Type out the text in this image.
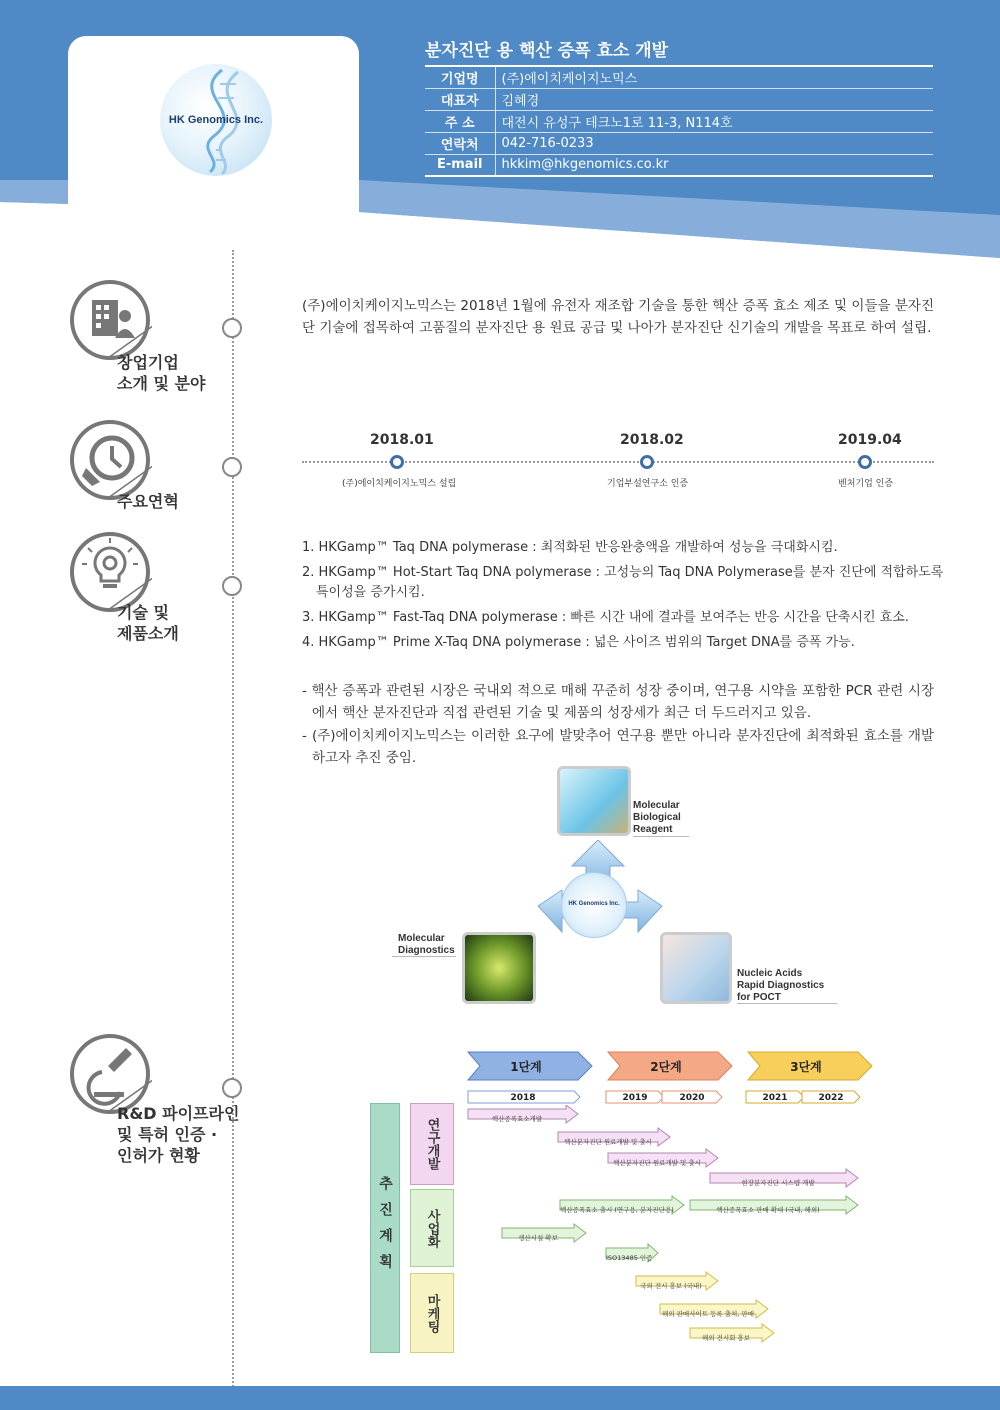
HK Genomics Inc.
분자진단 용 핵산 증폭 효소 개발
기업명	(주)에이치케이지노믹스
대표자	김혜경
주 소	대전시 유성구 테크노1로 11-3, N114호
연락처	042-716-0233
E-mail	hkkim@hkgenomics.co.kr
창업기업
소개 및 분야
주요연혁
기술 및
제품소개
R&D 파이프라인
및 특허 인증 ·
인허가 현황
(주)에이치케이지노믹스는 2018년 1월에 유전자 재조합 기술을 통한 핵산 증폭 효소 제조 및 이들을 분자진단 기술에 접목하여 고품질의 분자진단 용 원료 공급 및 나아가 분자진단 신기술의 개발을 목표로 하여 설립.
2018.01	2018.02	2019.04
(주)에이치케이지노믹스 설립	기업부설연구소 인증	벤처기업 인증
1. HKGamp™ Taq DNA polymerase : 최적화된 반응완충액을 개발하여 성능을 극대화시킴.
2. HKGamp™ Hot-Start Taq DNA polymerase : 고성능의 Taq DNA Polymerase를 분자 진단에 적합하도록
특이성을 증가시킴.
3. HKGamp™ Fast-Taq DNA polymerase : 빠른 시간 내에 결과를 보여주는 반응 시간을 단축시킨 효소.
4. HKGamp™ Prime X-Taq DNA polymerase : 넓은 사이즈 범위의 Target DNA를 증폭 가능.
- 핵산 증폭과 관련된 시장은 국내외 적으로 매해 꾸준히 성장 중이며, 연구용 시약을 포함한 PCR 관련 시장에서 핵산 분자진단과 직접 관련된 기술 및 제품의 성장세가 최근 더 두드러지고 있음.
- (주)에이치케이지노믹스는 이러한 요구에 발맞추어 연구용 뿐만 아니라 분자진단에 최적화된 효소를 개발하고자 추진 중임.
HK Genomics Inc.
Molecular
Biological
Reagent
Molecular
Diagnostics
Nucleic Acids
Rapid Diagnostics
for POCT
1단계	2단계	3단계
2018	2019	2020	2021	2022
추진계획
연구개발
사업화
마케팅
핵산증폭효소개발
핵산분자진단 원료개발 및 출시
핵산분자진단 원료개발 및 출시
현장분자진단 시스템 개발
핵산증폭효소 출시 (연구용, 분자진단용)	핵산증폭효소 판매 확대 (국내, 해외)
생산시설 확보
ISO13485 인증
국외 전시 홍보 (국내)
해외 판매사이트 등록 출처, 판매
해외 전시회 홍보
